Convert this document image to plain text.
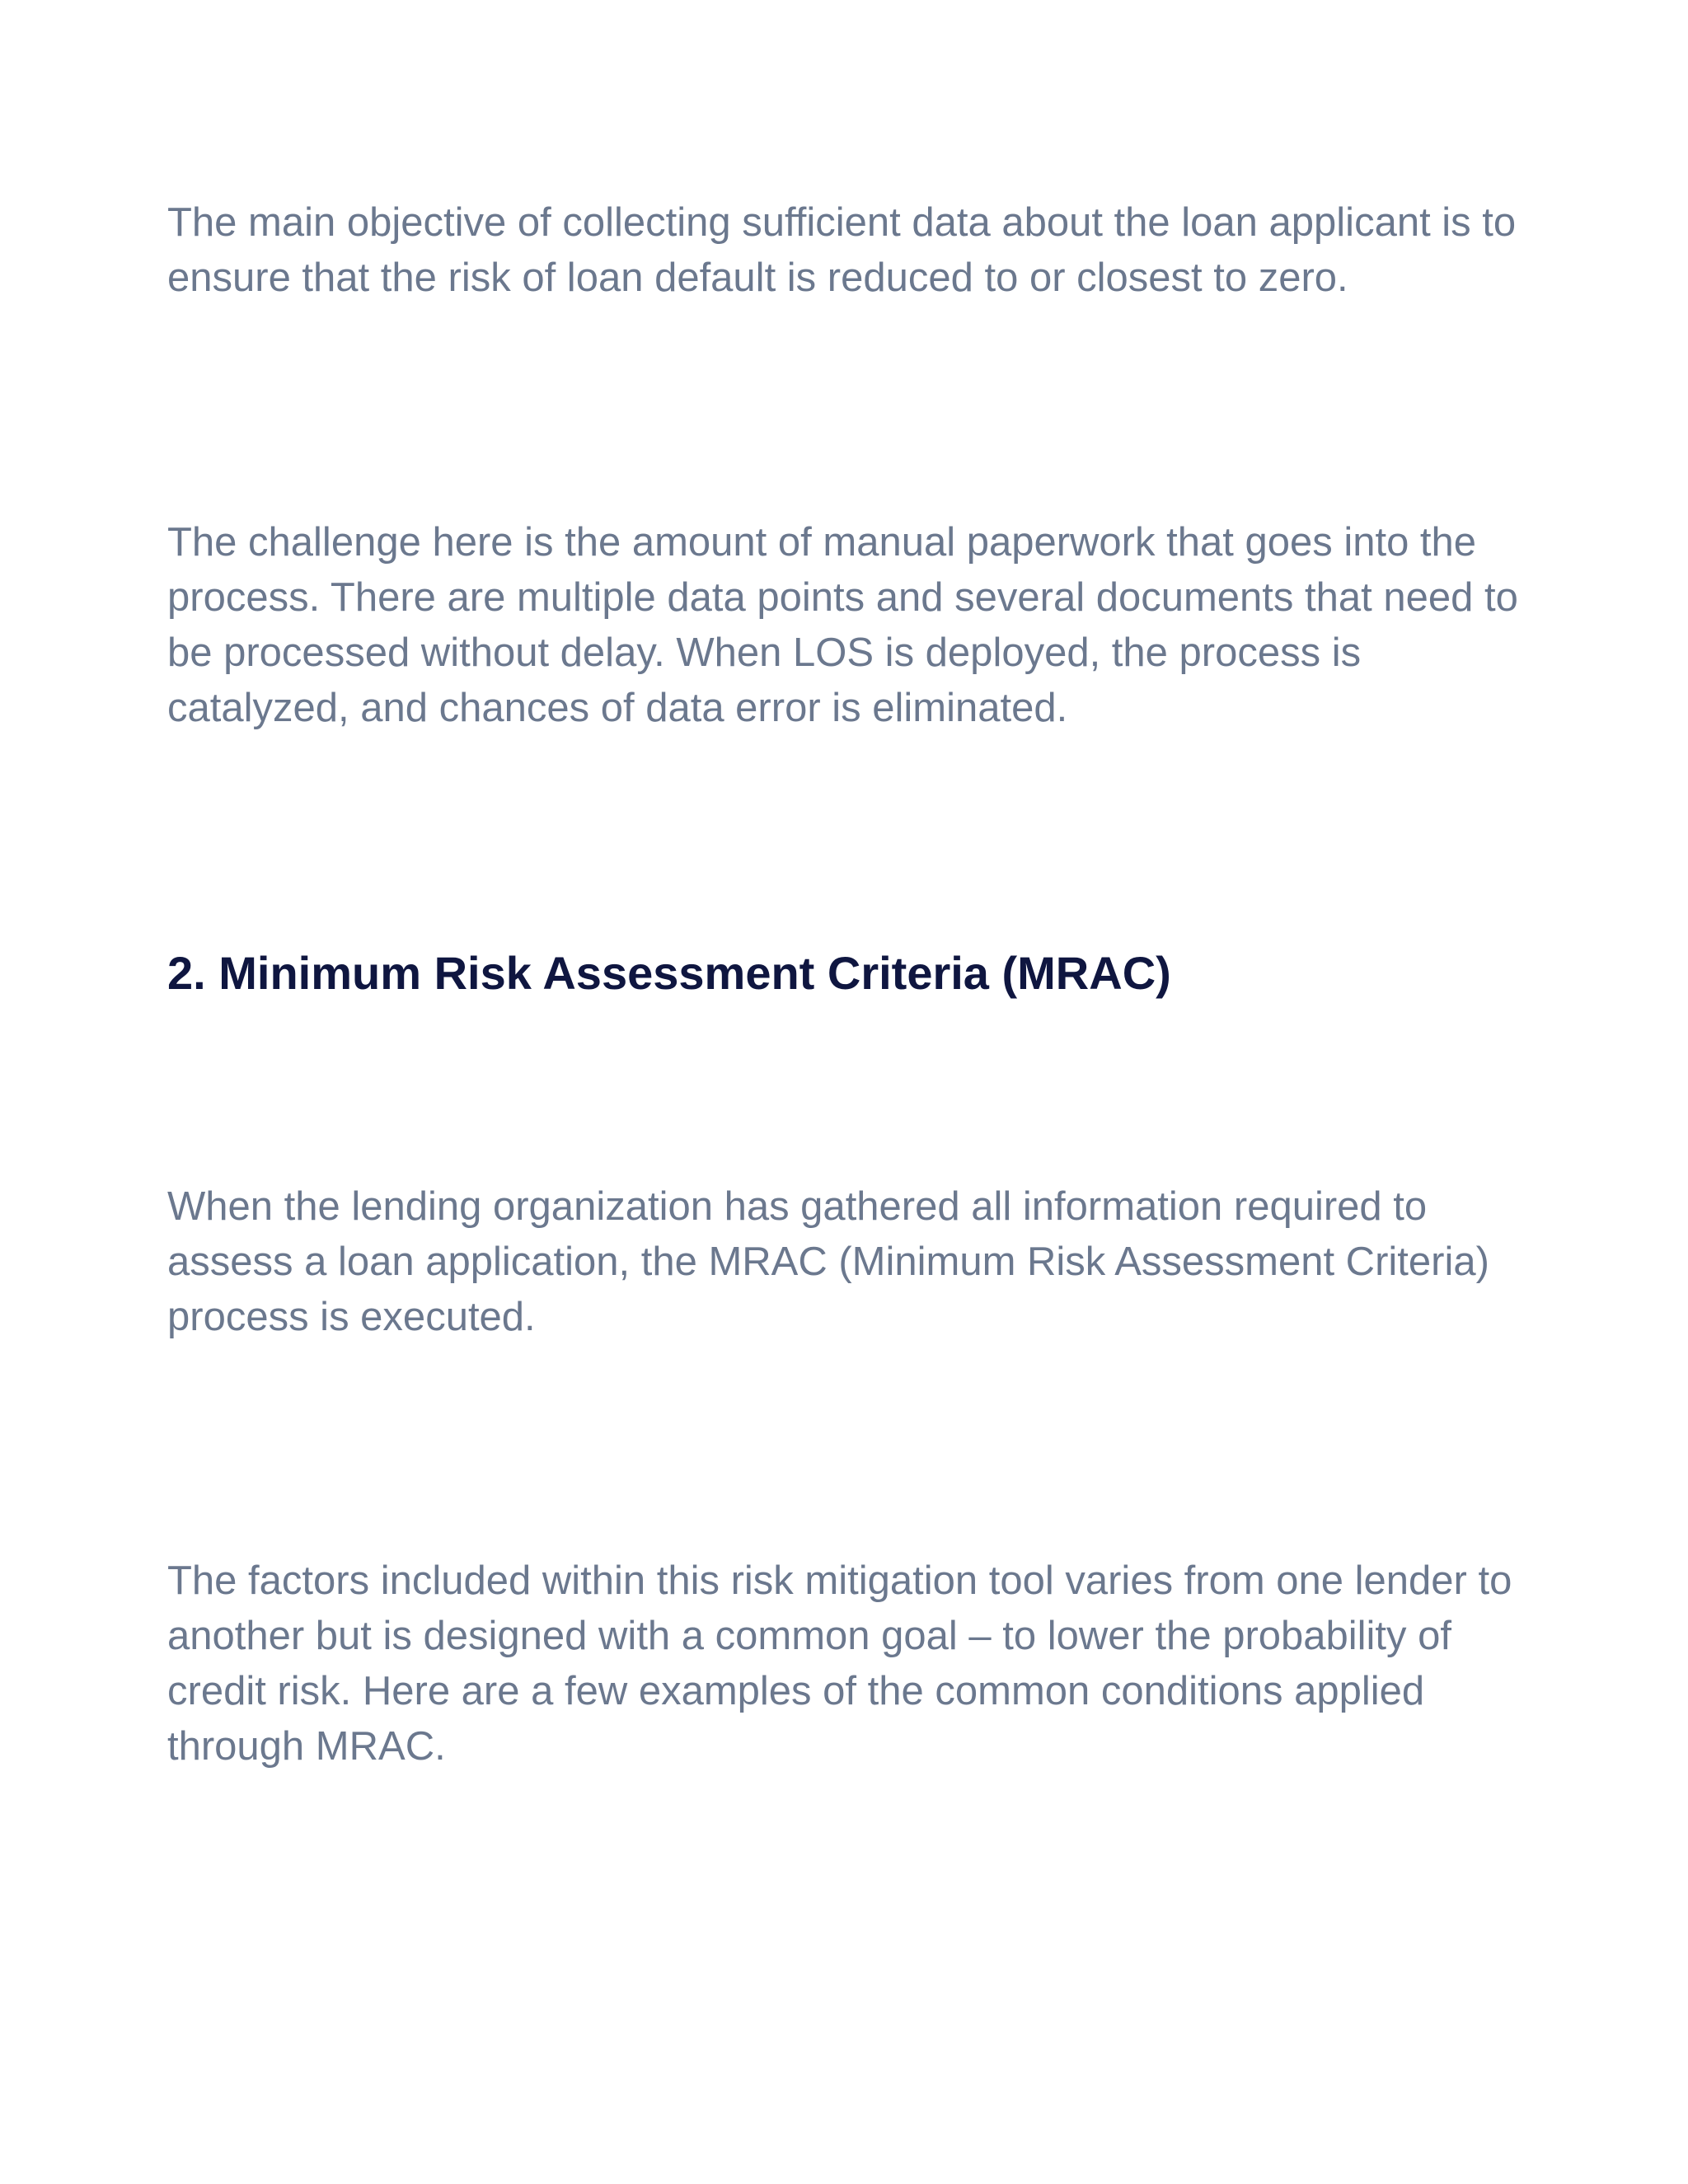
The main objective of collecting sufficient data about the loan applicant is to ensure that the risk of loan default is reduced to or closest to zero.

The challenge here is the amount of manual paperwork that goes into the process. There are multiple data points and several documents that need to be processed without delay. When LOS is deployed, the process is catalyzed, and chances of data error is eliminated.

2. Minimum Risk Assessment Criteria (MRAC)

When the lending organization has gathered all information required to assess a loan application, the MRAC (Minimum Risk Assessment Criteria) process is executed.

The factors included within this risk mitigation tool varies from one lender to another but is designed with a common goal – to lower the probability of credit risk. Here are a few examples of the common conditions applied through MRAC.
